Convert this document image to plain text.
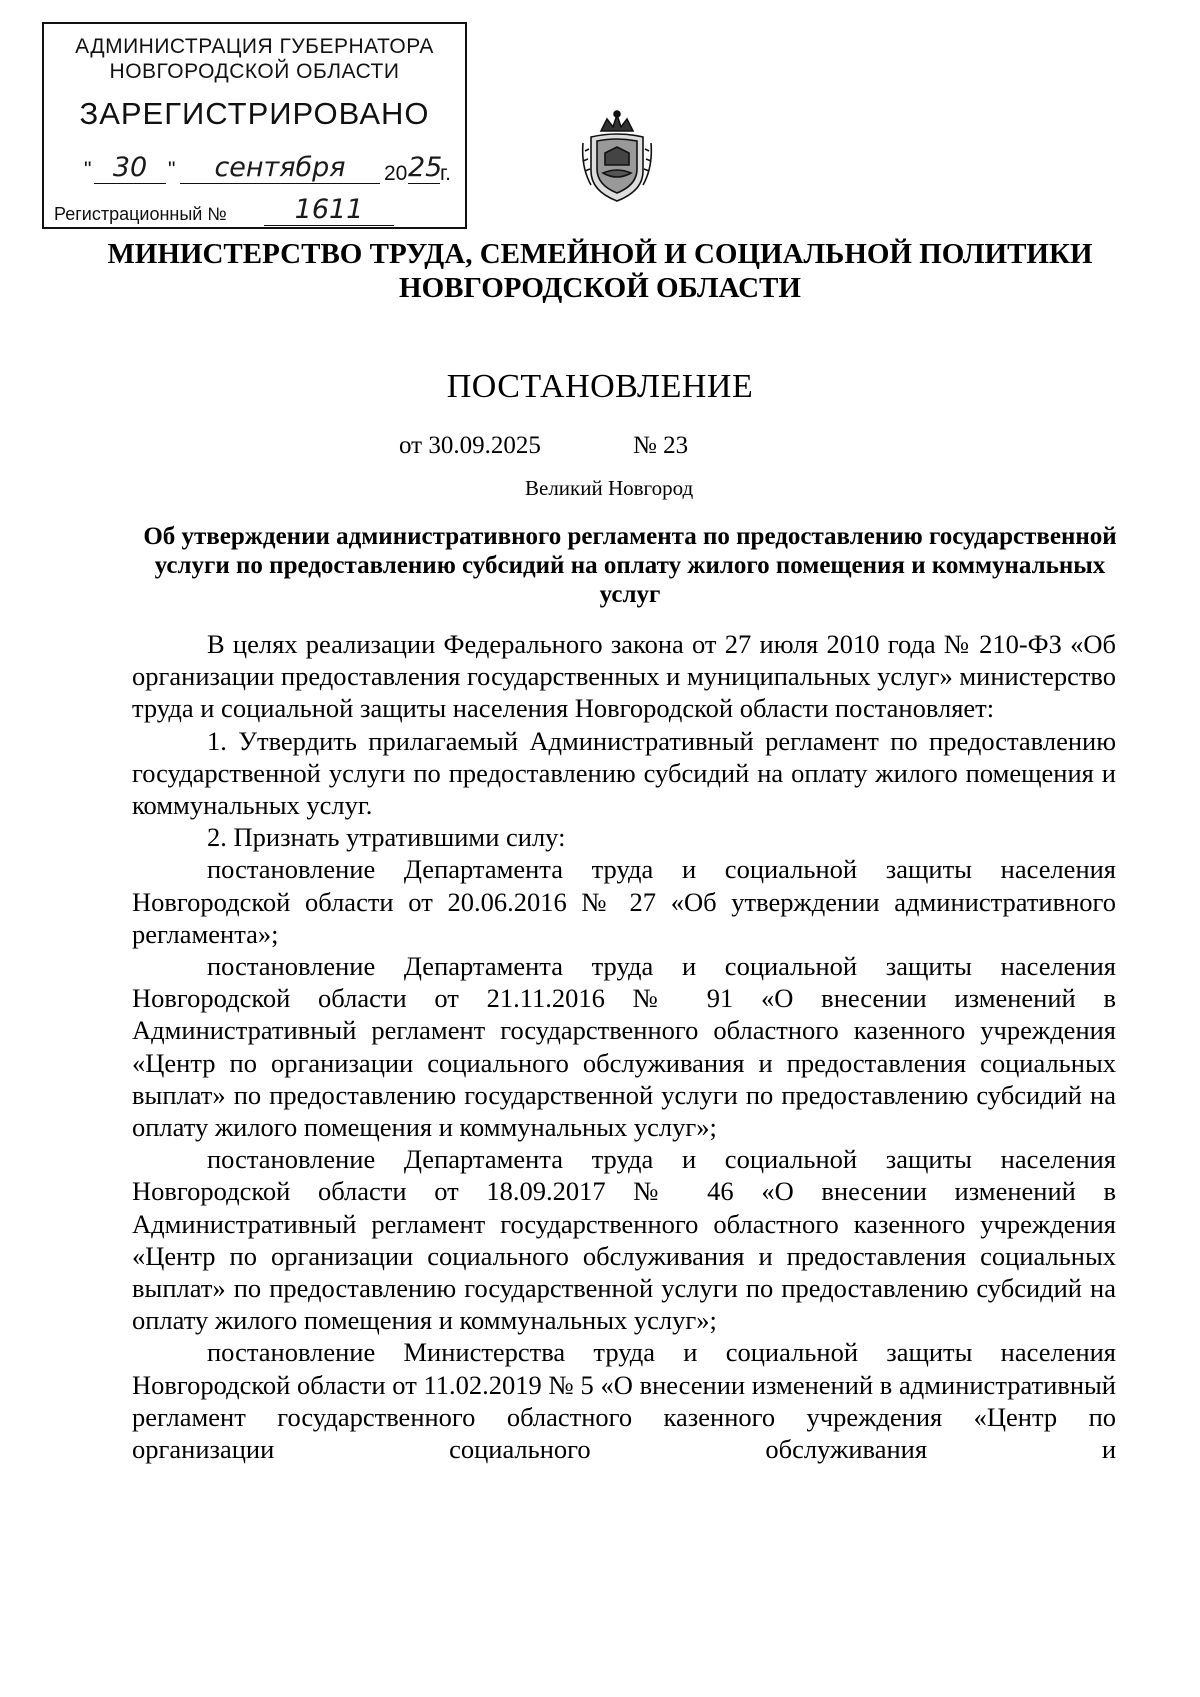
АДМИНИСТРАЦИЯ ГУБЕРНАТОРА
НОВГОРОДСКОЙ ОБЛАСТИ
ЗАРЕГИСТРИРОВАНО
" 30 "	сентября	20 25
г.
Регистрационный №	1611
МИНИСТЕРСТВО ТРУДА, СЕМЕЙНОЙ И СОЦИАЛЬНОЙ ПОЛИТИКИ
НОВГОРОДСКОЙ ОБЛАСТИ
ПОСТАНОВЛЕНИЕ
от 30.09.2025	№ 23
Великий Новгород
Об утверждении административного регламента по предоставлению государственной услуги по предоставлению субсидий на оплату жилого помещения и коммунальных услуг

В целях реализации Федерального закона от 27 июля 2010 года № 210-ФЗ «Об организации предоставления государственных и муниципальных услуг» министерство труда и социальной защиты населения Новгородской области постановляет:

1. Утвердить прилагаемый Административный регламент по предоставлению государственной услуги по предоставлению субсидий на оплату жилого помещения и коммунальных услуг.

2. Признать утратившими силу:

постановление Департамента труда и социальной защиты населения Новгородской области от 20.06.2016 № 27 «Об утверждении административного регламента»;

постановление Департамента труда и социальной защиты населения Новгородской области от 21.11.2016 № 91 «О внесении изменений в Административный регламент государственного областного казенного учреждения «Центр по организации социального обслуживания и предоставления социальных выплат» по предоставлению государственной услуги по предоставлению субсидий на оплату жилого помещения и коммунальных услуг»;

постановление Департамента труда и социальной защиты населения Новгородской области от 18.09.2017 № 46 «О внесении изменений в Административный регламент государственного областного казенного учреждения «Центр по организации социального обслуживания и предоставления социальных выплат» по предоставлению государственной услуги по предоставлению субсидий на оплату жилого помещения и коммунальных услуг»;

постановление Министерства труда и социальной защиты населения Новгородской области от 11.02.2019 № 5 «О внесении изменений в административный регламент государственного областного казенного учреждения «Центр по организации социального обслуживания и
